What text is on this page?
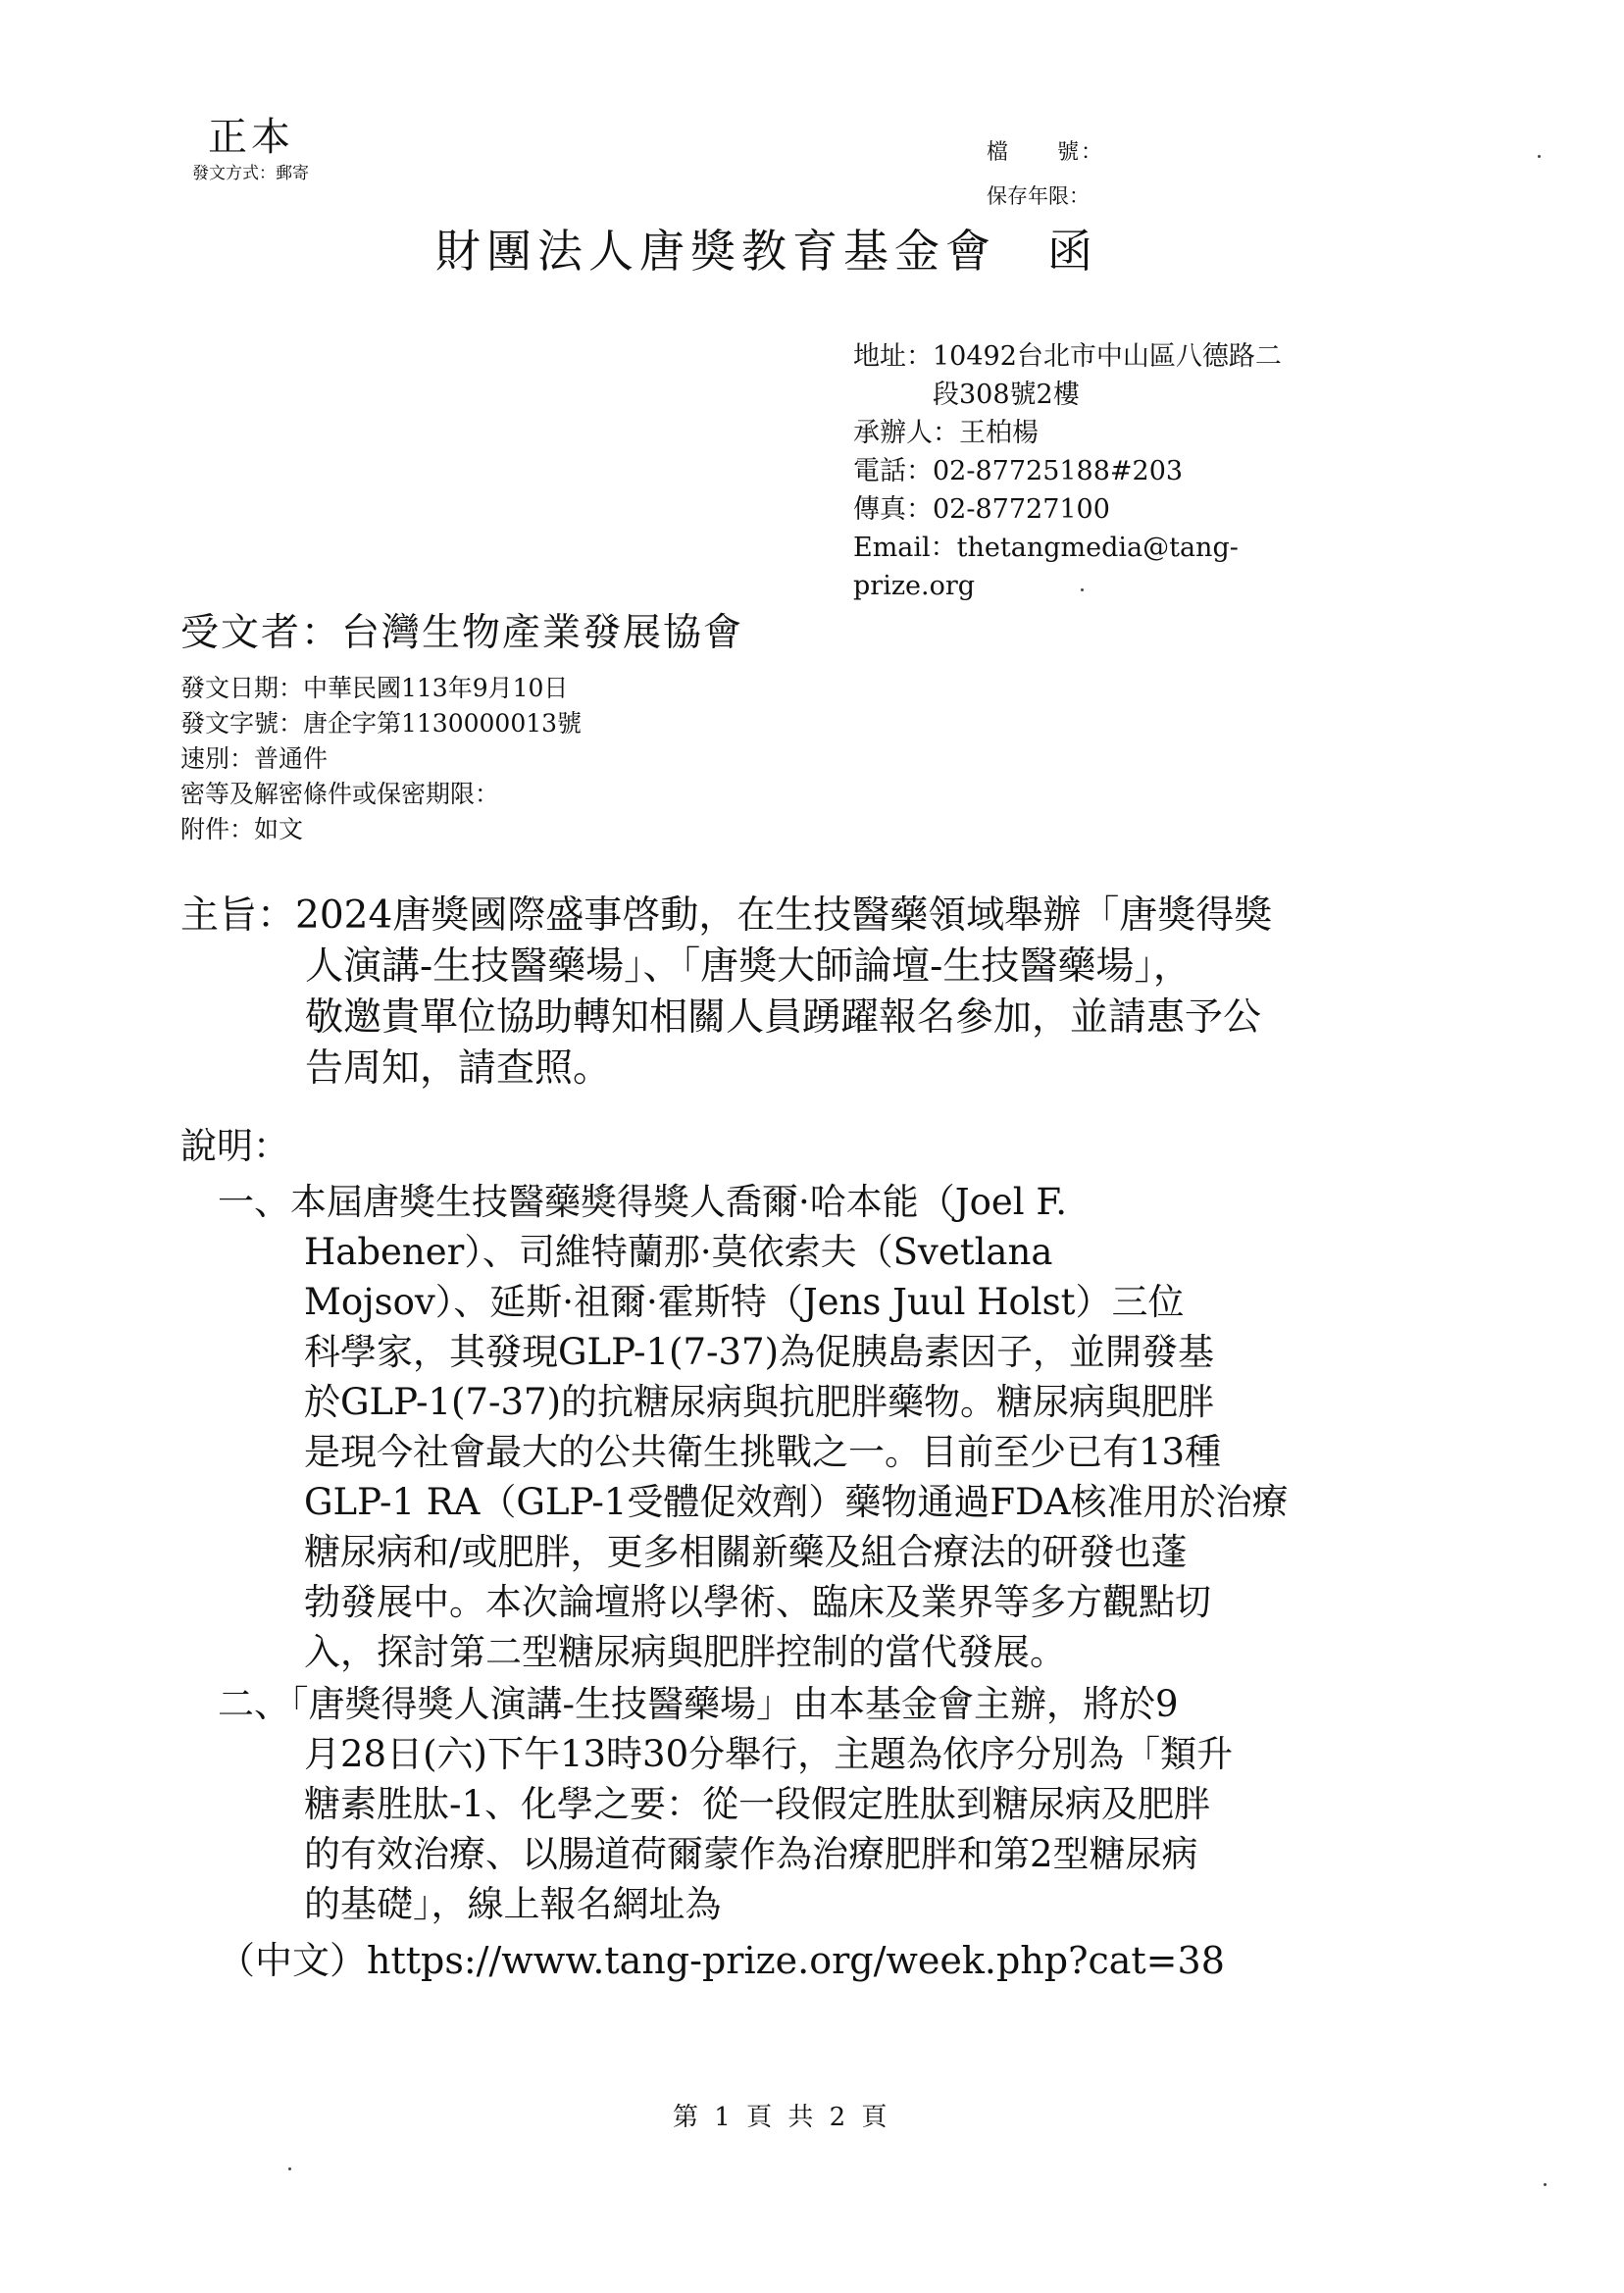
正本
發文方式：郵寄
檔　　號：
保存年限：
財團法人唐獎教育基金會　函
地址：10492台北市中山區八德路二
　　　段308號2樓
承辦人：王柏楊
電話：02-87725188#203
傳真：02-87727100
Email：thetangmedia@tang-
prize.org
受文者：台灣生物產業發展協會
發文日期：中華民國113年9月10日
發文字號：唐企字第1130000013號
速別：普通件
密等及解密條件或保密期限：
附件：如文
主旨：2024唐獎國際盛事啓動，在生技醫藥領域舉辦「唐獎得獎
人演講-生技醫藥場」、「唐獎大師論壇-生技醫藥場」，
敬邀貴單位協助轉知相關人員踴躍報名參加，並請惠予公
告周知，請查照。
說明：
一、本屆唐獎生技醫藥獎得獎人喬爾·哈本能（Joel F.
Habener）、司維特蘭那·莫依索夫（Svetlana
Mojsov）、延斯·祖爾·霍斯特（Jens Juul Holst）三位
科學家，其發現GLP-1(7-37)為促胰島素因子，並開發基
於GLP-1(7-37)的抗糖尿病與抗肥胖藥物。糖尿病與肥胖
是現今社會最大的公共衛生挑戰之一。目前至少已有13種
GLP-1 RA（GLP-1受體促效劑）藥物通過FDA核准用於治療
糖尿病和/或肥胖，更多相關新藥及組合療法的研發也蓬
勃發展中。本次論壇將以學術、臨床及業界等多方觀點切
入，探討第二型糖尿病與肥胖控制的當代發展。
二、「唐獎得獎人演講-生技醫藥場」由本基金會主辦，將於9
月28日(六)下午13時30分舉行，主題為依序分別為「類升
糖素胜肽-1、化學之要：從一段假定胜肽到糖尿病及肥胖
的有效治療、以腸道荷爾蒙作為治療肥胖和第2型糖尿病
的基礎」，線上報名網址為
（中文）https://www.tang-prize.org/week.php?cat=38
第 1 頁 共 2 頁
